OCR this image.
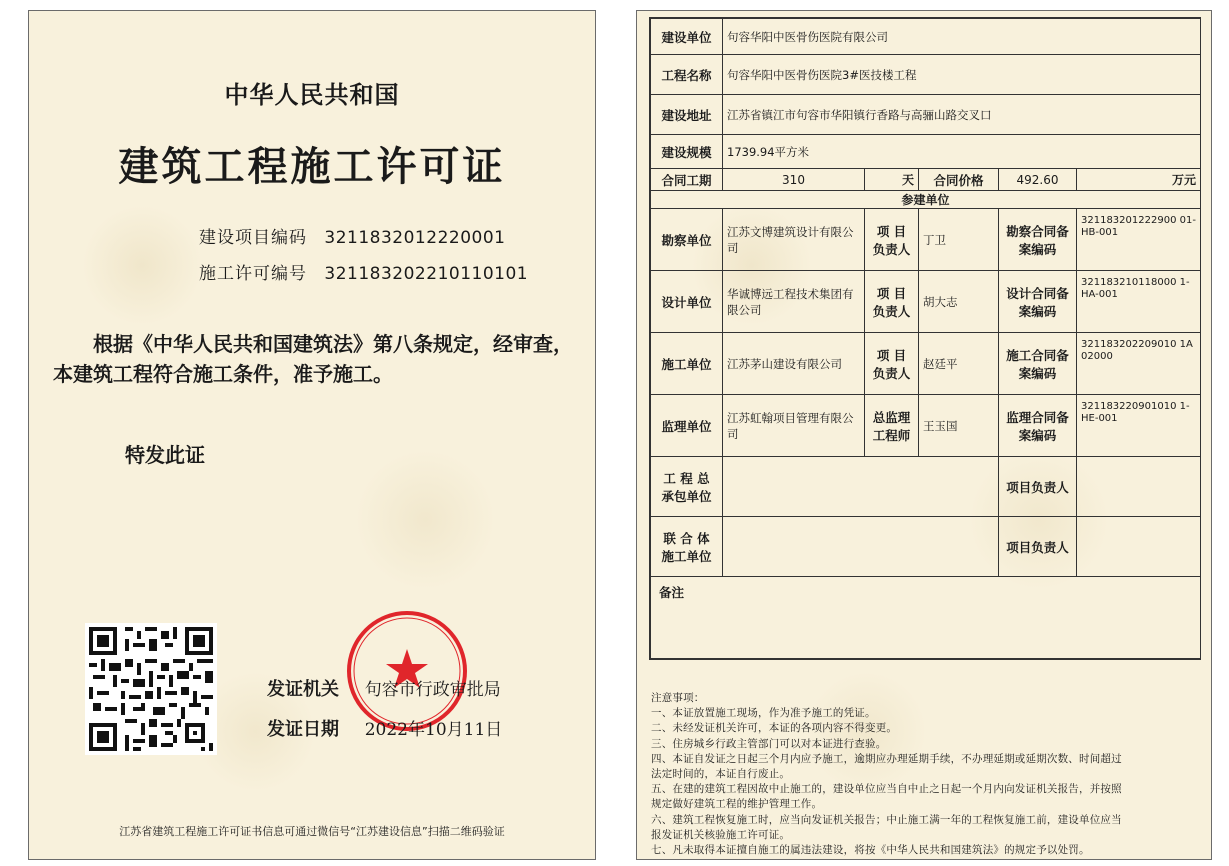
中华人民共和国
建筑工程施工许可证
建设项目编码 3211832012220001
施工许可编号 321183202210110101
根据《中华人民共和国建筑法》第八条规定，经审查，本建筑工程符合施工条件，准予施工。
特发此证
发证机关 句容市行政审批局
发证日期 2022年10月11日
江苏省建筑工程施工许可证书信息可通过微信号“江苏建设信息”扫描二维码验证
建设单位	句容华阳中医骨伤医院有限公司				
工程名称	句容华阳中医骨伤医院3#医技楼工程				
建设地址	江苏省镇江市句容市华阳镇行香路与高骊山路交叉口				
建设规模	1739.94平方米				
合同工期	310	天	合同价格	492.60	万元
参建单位					
勘察单位	江苏文博建筑设计有限公司	项 目 负责人	丁卫	勘察合同备案编码	321183201222900 01-HB-001
设计单位	华诚博远工程技术集团有限公司	项 目 负责人	胡大志	设计合同备案编码	321183210118000 1-HA-001
施工单位	江苏茅山建设有限公司	项 目 负责人	赵廷平	施工合同备案编码	321183202209010 1A02000
监理单位	江苏虹翰项目管理有限公司	总监理工程师	王玉国	监理合同备案编码	321183220901010 1-HE-001
工 程 总 承包单位				项目负责人	
联 合 体 施工单位				项目负责人	
备注					
注意事项：
一、本证放置施工现场，作为准予施工的凭证。
二、未经发证机关许可，本证的各项内容不得变更。
三、住房城乡行政主管部门可以对本证进行查验。
四、本证自发证之日起三个月内应予施工，逾期应办理延期手续，不办理延期或延期次数、时间超过
法定时间的，本证自行废止。
五、在建的建筑工程因故中止施工的，建设单位应当自中止之日起一个月内向发证机关报告，并按照
规定做好建筑工程的维护管理工作。
六、建筑工程恢复施工时，应当向发证机关报告；中止施工满一年的工程恢复施工前，建设单位应当
报发证机关核验施工许可证。
七、凡未取得本证擅自施工的属违法建设，将按《中华人民共和国建筑法》的规定予以处罚。
